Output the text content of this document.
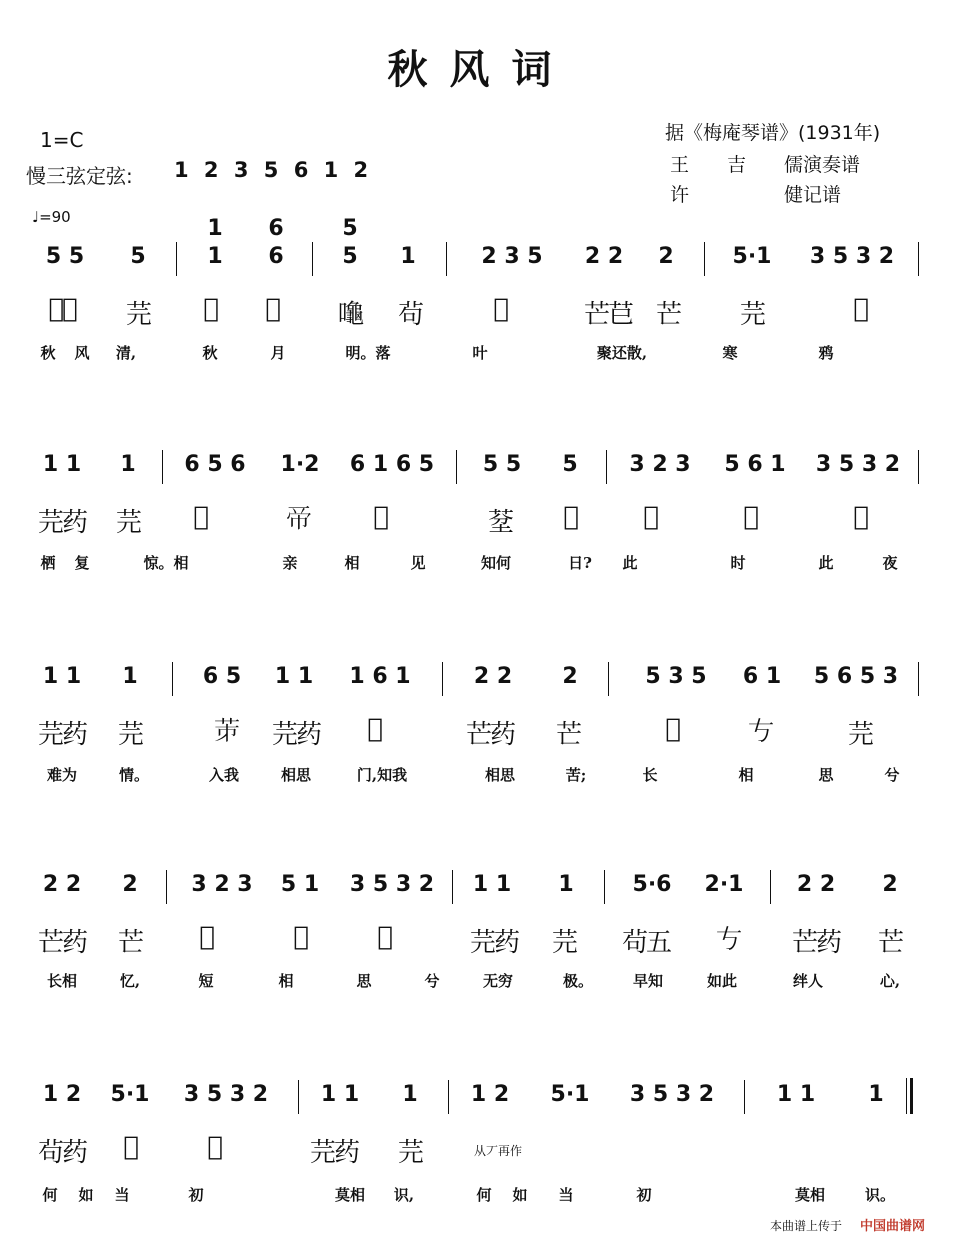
秋风词
1=C
慢三弦定弦: 1 2 3 5 6 1 2
♩=90
据《梅庵琴谱》(1931年)
王　　吉　　儒演奏谱
许　　　　　健记谱
1 6	5
5 5 5	1 6	5 1	2 3 5 2 2 2	5·1 3 5 3 2
𫐆药 芫 𪟔 𪜀 𪚩 茍	𫓈	芒𦬊 芒 芫	𦮛
秋 风 清,	秋	月	明。落	叶	聚还散,	寒	鸦
1 1 1 6 5 6 1·2 6 1 6 5 5 5 5 3 2 3 5 6 1 3 5 3 2
芫药 芫 𪟔	𢂇 𦮛	𦯀 𦬒	𪟔	𣗥	𦮛
栖 复	惊。相	亲	相	见	知何	日? 此	时	此	夜
1 1 1	6 5 1 1 1 6 1	2 2 2	5 3 5 6 1 5 6 5 3
芫药 芫	𦭄 芫药 𦮛	芒药 芒	𪟔	𠀁	芫
难为	情。	入我	相思	门,知我	相思	苦;	长	相	思	兮
2 2 2 3 2 3 5 1 3 5 3 2 1 1 1	5·6 2·1 2 2 2
芒药 芒 𪟔	𣗥	𦮛	芫药 芫 茍五 𠀁 芒药 芒
长相	忆,	短	相	思	兮	无穷	极。	早知	如此	绊人	心,
1 2 5·1 3 5 3 2 1 1 1 1 2 5·1 3 5 3 2	1 1 1
茍药 𣗥	𦮛	芫药 芫	从丆再作
何 如 当	初	莫相 识,	何 如 当	初	莫相	识。
本曲谱上传于 中国曲谱网
